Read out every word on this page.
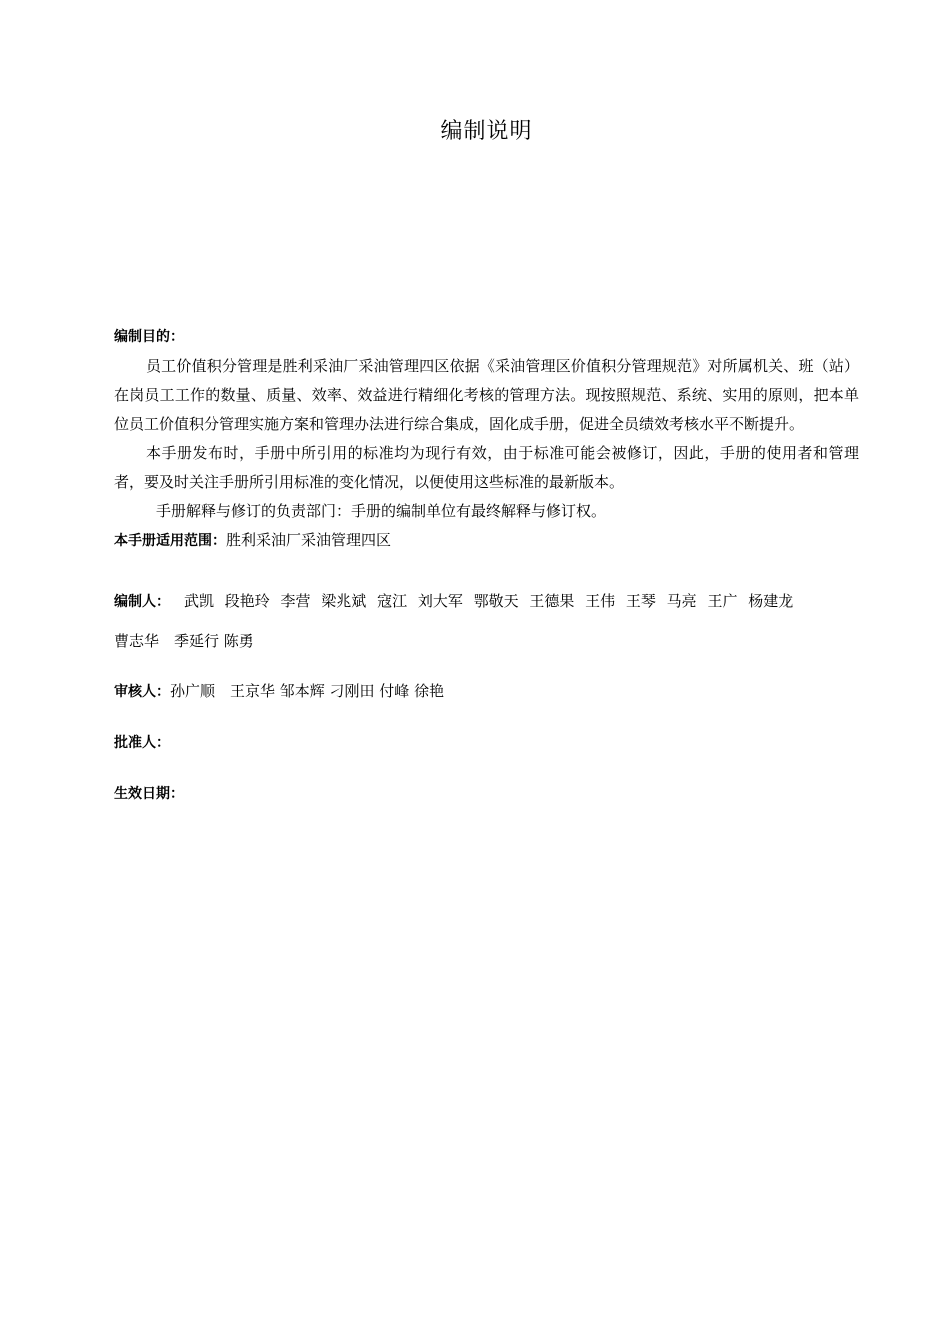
编制说明

编制目的：

员工价值积分管理是胜利采油厂采油管理四区依据《采油管理区价值积分管理规范》对所属机关、班（站）在岗员工工作的数量、质量、效率、效益进行精细化考核的管理方法。现按照规范、系统、实用的原则，把本单位员工价值积分管理实施方案和管理办法进行综合集成，固化成手册，促进全员绩效考核水平不断提升。

本手册发布时，手册中所引用的标准均为现行有效，由于标准可能会被修订，因此，手册的使用者和管理者，要及时关注手册所引用标准的变化情况，以便使用这些标准的最新版本。

手册解释与修订的负责部门：手册的编制单位有最终解释与修订权。

本手册适用范围：胜利采油厂采油管理四区

编制人： 武凯 段艳玲 李营 梁兆斌 寇江 刘大军 鄂敬天 王德果 王伟 王琴 马亮 王广 杨建龙

曹志华　季延行 陈勇

审核人：孙广顺　王京华 邹本辉 刁刚田 付峰 徐艳

批准人：

生效日期：
